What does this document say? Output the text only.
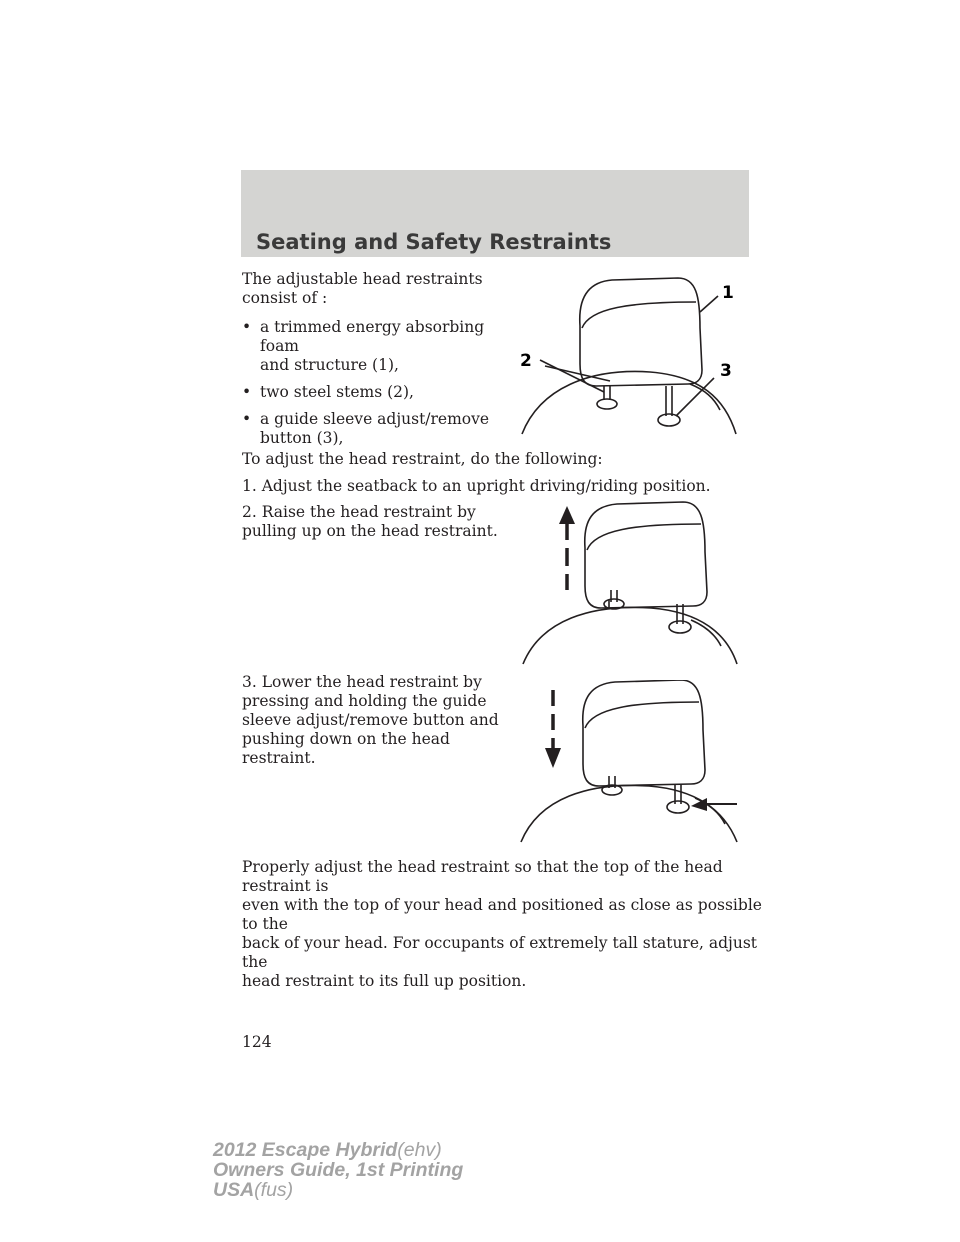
Seating and Safety Restraints

The adjustable head restraints

consist of :

• a trimmed energy absorbing foam
and structure (1),
• two steel stems (2),
• a guide sleeve adjust/remove
button (3),
1
2	3

To adjust the head restraint, do the following:

1. Adjust the seatback to an upright driving/riding position.

2. Raise the head restraint by
pulling up on the head restraint.
3. Lower the head restraint by
pressing and holding the guide
sleeve adjust/remove button and
pushing down on the head restraint.
Properly adjust the head restraint so that the top of the head restraint is
even with the top of your head and positioned as close as possible to the
back of your head. For occupants of extremely tall stature, adjust the
head restraint to its full up position.
124
2012 Escape Hybrid(ehv)
Owners Guide, 1st Printing
USA(fus)
